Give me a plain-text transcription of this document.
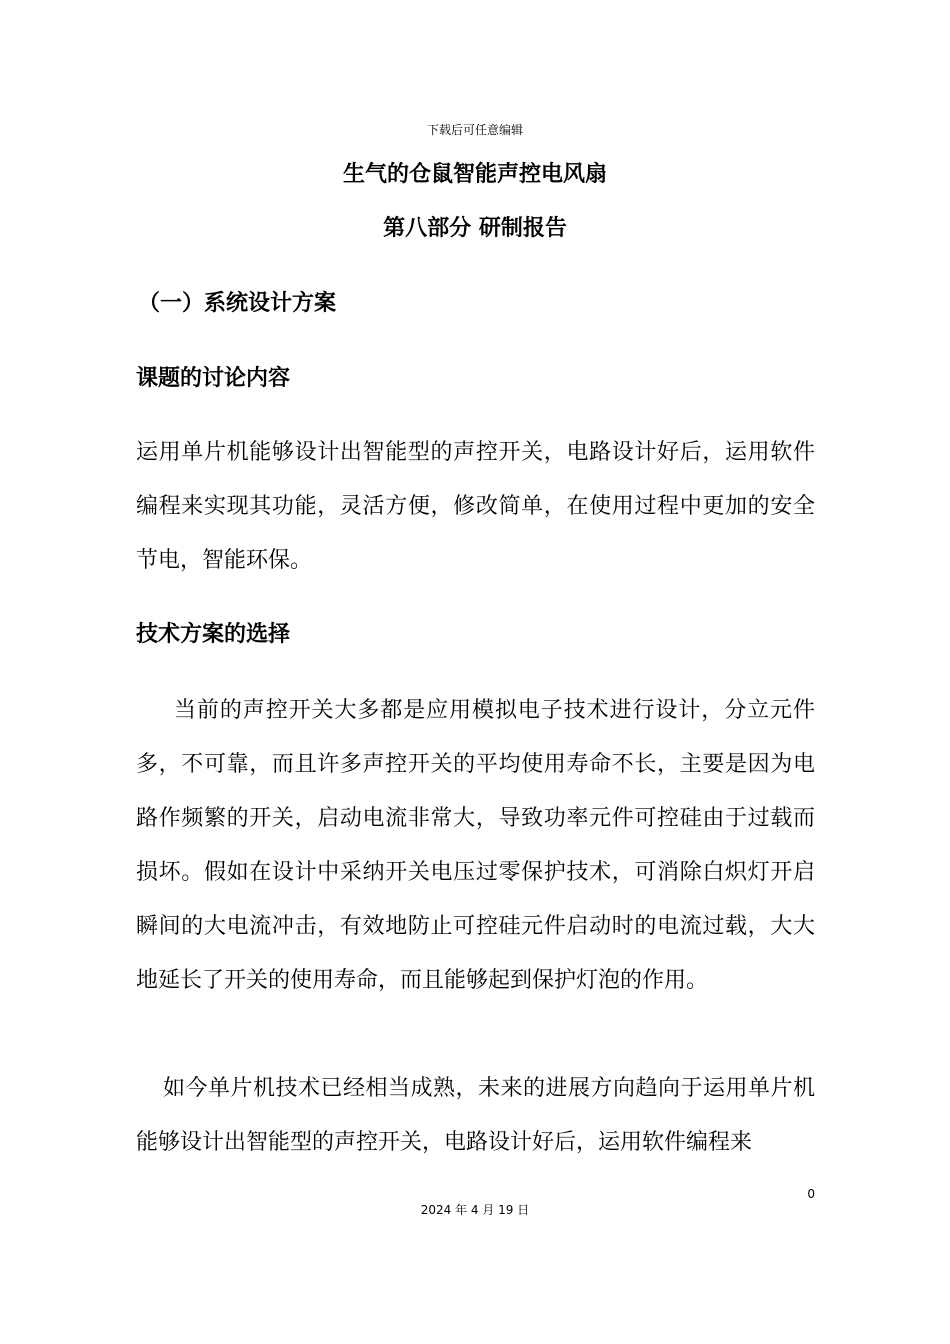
下载后可任意编辑
生气的仓鼠智能声控电风扇
第八部分 研制报告
（一）系统设计方案
课题的讨论内容

运用单片机能够设计出智能型的声控开关，电路设计好后，运用软件编程来实现其功能，灵活方便，修改简单，在使用过程中更加的安全节电，智能环保。

技术方案的选择

当前的声控开关大多都是应用模拟电子技术进行设计，分立元件多，不可靠，而且许多声控开关的平均使用寿命不长，主要是因为电路作频繁的开关，启动电流非常大，导致功率元件可控硅由于过载而损坏。假如在设计中采纳开关电压过零保护技术，可消除白炽灯开启瞬间的大电流冲击，有效地防止可控硅元件启动时的电流过载，大大地延长了开关的使用寿命，而且能够起到保护灯泡的作用。

如今单片机技术已经相当成熟，未来的进展方向趋向于运用单片机能够设计出智能型的声控开关，电路设计好后，运用软件编程来

0
2024 年 4 月 19 日
